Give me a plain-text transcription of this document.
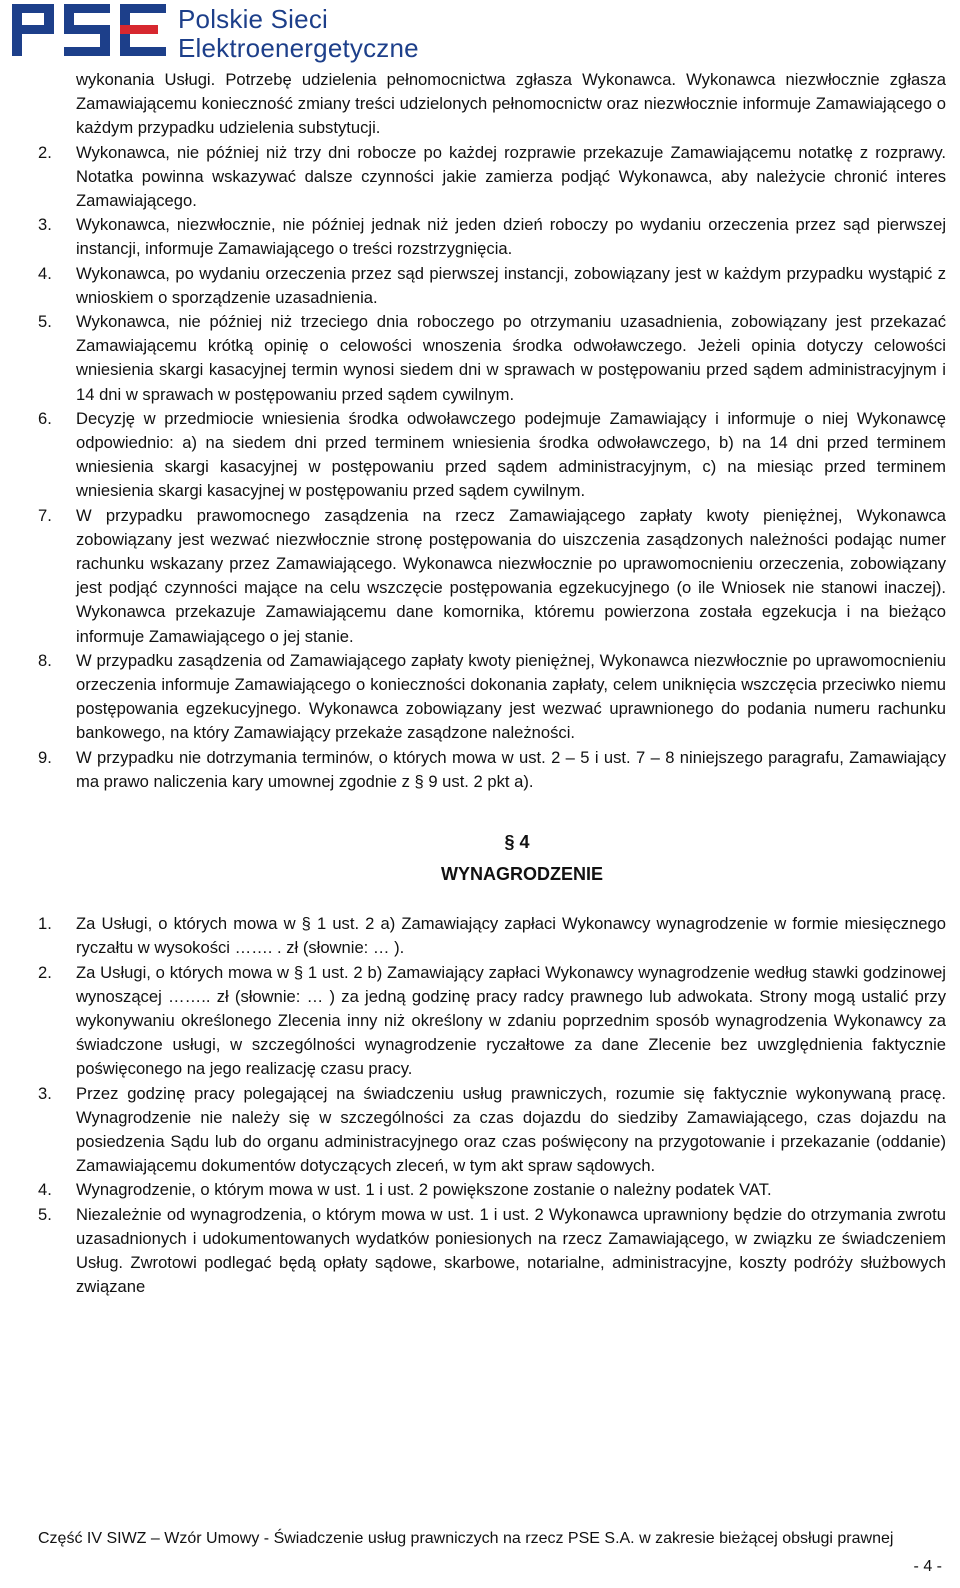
Polskie Sieci
Elektroenergetyczne
wykonania Usługi. Potrzebę udzielenia pełnomocnictwa zgłasza Wykonawca. Wykonawca niezwłocznie zgłasza Zamawiającemu konieczność zmiany treści udzielonych pełnomocnictw oraz niezwłocznie informuje Zamawiającego o każdym przypadku udzielenia substytucji.
2.	Wykonawca, nie później niż trzy dni robocze po każdej rozprawie przekazuje Zamawiającemu notatkę z rozprawy. Notatka powinna wskazywać dalsze czynności jakie zamierza podjąć Wykonawca, aby należycie chronić interes Zamawiającego.
3.	Wykonawca, niezwłocznie, nie później jednak niż jeden dzień roboczy po wydaniu orzeczenia przez sąd pierwszej instancji, informuje Zamawiającego o treści rozstrzygnięcia.
4.	Wykonawca, po wydaniu orzeczenia przez sąd pierwszej instancji, zobowiązany jest w każdym przypadku wystąpić z wnioskiem o sporządzenie uzasadnienia.
5.	Wykonawca, nie później niż trzeciego dnia roboczego po otrzymaniu uzasadnienia, zobowiązany jest przekazać Zamawiającemu krótką opinię o celowości wnoszenia środka odwoławczego. Jeżeli opinia dotyczy celowości wniesienia skargi kasacyjnej termin wynosi siedem dni w sprawach w postępowaniu przed sądem administracyjnym i 14 dni w sprawach w postępowaniu przed sądem cywilnym.
6.	Decyzję w przedmiocie wniesienia środka odwoławczego podejmuje Zamawiający i informuje o niej Wykonawcę odpowiednio: a) na siedem dni przed terminem wniesienia środka odwoławczego, b) na 14 dni przed terminem wniesienia skargi kasacyjnej w postępowaniu przed sądem administracyjnym, c) na miesiąc przed terminem wniesienia skargi kasacyjnej w postępowaniu przed sądem cywilnym.
7.	W przypadku prawomocnego zasądzenia na rzecz Zamawiającego zapłaty kwoty pieniężnej, Wykonawca zobowiązany jest wezwać niezwłocznie stronę postępowania do uiszczenia zasądzonych należności podając numer rachunku wskazany przez Zamawiającego. Wykonawca niezwłocznie po uprawomocnieniu orzeczenia, zobowiązany jest podjąć czynności mające na celu wszczęcie postępowania egzekucyjnego (o ile Wniosek nie stanowi inaczej). Wykonawca przekazuje Zamawiającemu dane komornika, któremu powierzona została egzekucja i na bieżąco informuje Zamawiającego o jej stanie.
8.	W przypadku zasądzenia od Zamawiającego zapłaty kwoty pieniężnej, Wykonawca niezwłocznie po uprawomocnieniu orzeczenia informuje Zamawiającego o konieczności dokonania zapłaty, celem uniknięcia wszczęcia przeciwko niemu postępowania egzekucyjnego. Wykonawca zobowiązany jest wezwać uprawnionego do podania numeru rachunku bankowego, na który Zamawiający przekaże zasądzone należności.
9.	W przypadku nie dotrzymania terminów, o których mowa w ust. 2 – 5 i ust. 7 – 8 niniejszego paragrafu, Zamawiający ma prawo naliczenia kary umownej zgodnie z § 9 ust. 2 pkt a).
§ 4
WYNAGRODZENIE
1.	Za Usługi, o których mowa w § 1 ust. 2 a) Zamawiający zapłaci Wykonawcy wynagrodzenie w formie miesięcznego ryczałtu w wysokości ……. . zł (słownie: … ).
2.	Za Usługi, o których mowa w § 1 ust. 2 b) Zamawiający zapłaci Wykonawcy wynagrodzenie według stawki godzinowej wynoszącej …….. zł (słownie: … ) za jedną godzinę pracy radcy prawnego lub adwokata. Strony mogą ustalić przy wykonywaniu określonego Zlecenia inny niż określony w zdaniu poprzednim sposób wynagrodzenia Wykonawcy za świadczone usługi, w szczególności wynagrodzenie ryczałtowe za dane Zlecenie bez uwzględnienia faktycznie poświęconego na jego realizację czasu pracy.
3.	Przez godzinę pracy polegającej na świadczeniu usług prawniczych, rozumie się faktycznie wykonywaną pracę. Wynagrodzenie nie należy się w szczególności za czas dojazdu do siedziby Zamawiającego, czas dojazdu na posiedzenia Sądu lub do organu administracyjnego oraz czas poświęcony na przygotowanie i przekazanie (oddanie) Zamawiającemu dokumentów dotyczących zleceń, w tym akt spraw sądowych.
4.	Wynagrodzenie, o którym mowa w ust. 1 i ust. 2 powiększone zostanie o należny podatek VAT.
5.	Niezależnie od wynagrodzenia, o którym mowa w ust. 1 i ust. 2 Wykonawca uprawniony będzie do otrzymania zwrotu uzasadnionych i udokumentowanych wydatków poniesionych na rzecz Zamawiającego, w związku ze świadczeniem Usług. Zwrotowi podlegać będą opłaty sądowe, skarbowe, notarialne, administracyjne, koszty podróży służbowych związane
Część IV SIWZ – Wzór Umowy - Świadczenie usług prawniczych na rzecz PSE S.A. w zakresie bieżącej obsługi prawnej
- 4 -
